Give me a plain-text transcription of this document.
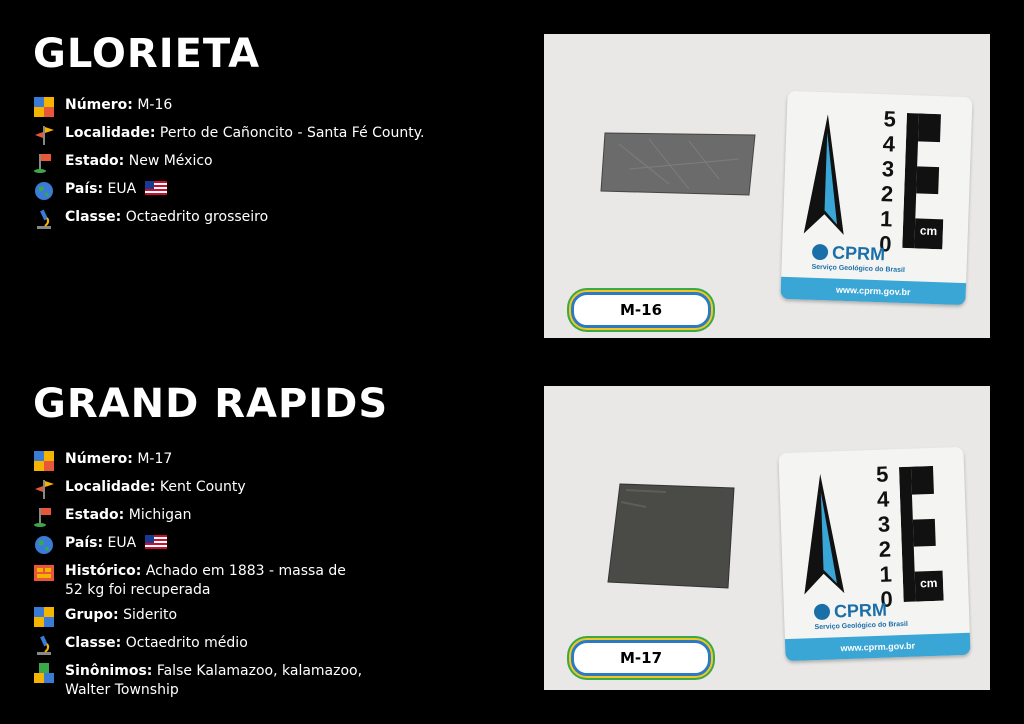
GLORIETA
Número: M-16
Localidade: Perto de Cañoncito - Santa Fé County.
Estado: New México
País: EUA
Classe: Octaedrito grosseiro
5
4
3
2
1
0
cm
CPRM
Serviço Geológico do Brasil
www.cprm.gov.br
M-16
GRAND RAPIDS
Número: M-17
Localidade: Kent County
Estado: Michigan
País: EUA
Histórico: Achado em 1883 - massa de 52 kg foi recuperada
Grupo: Siderito
Classe: Octaedrito médio
Sinônimos: False Kalamazoo, kalamazoo, Walter Township
5
4
3
2
1
0
cm
CPRM
Serviço Geológico do Brasil
www.cprm.gov.br
M-17
